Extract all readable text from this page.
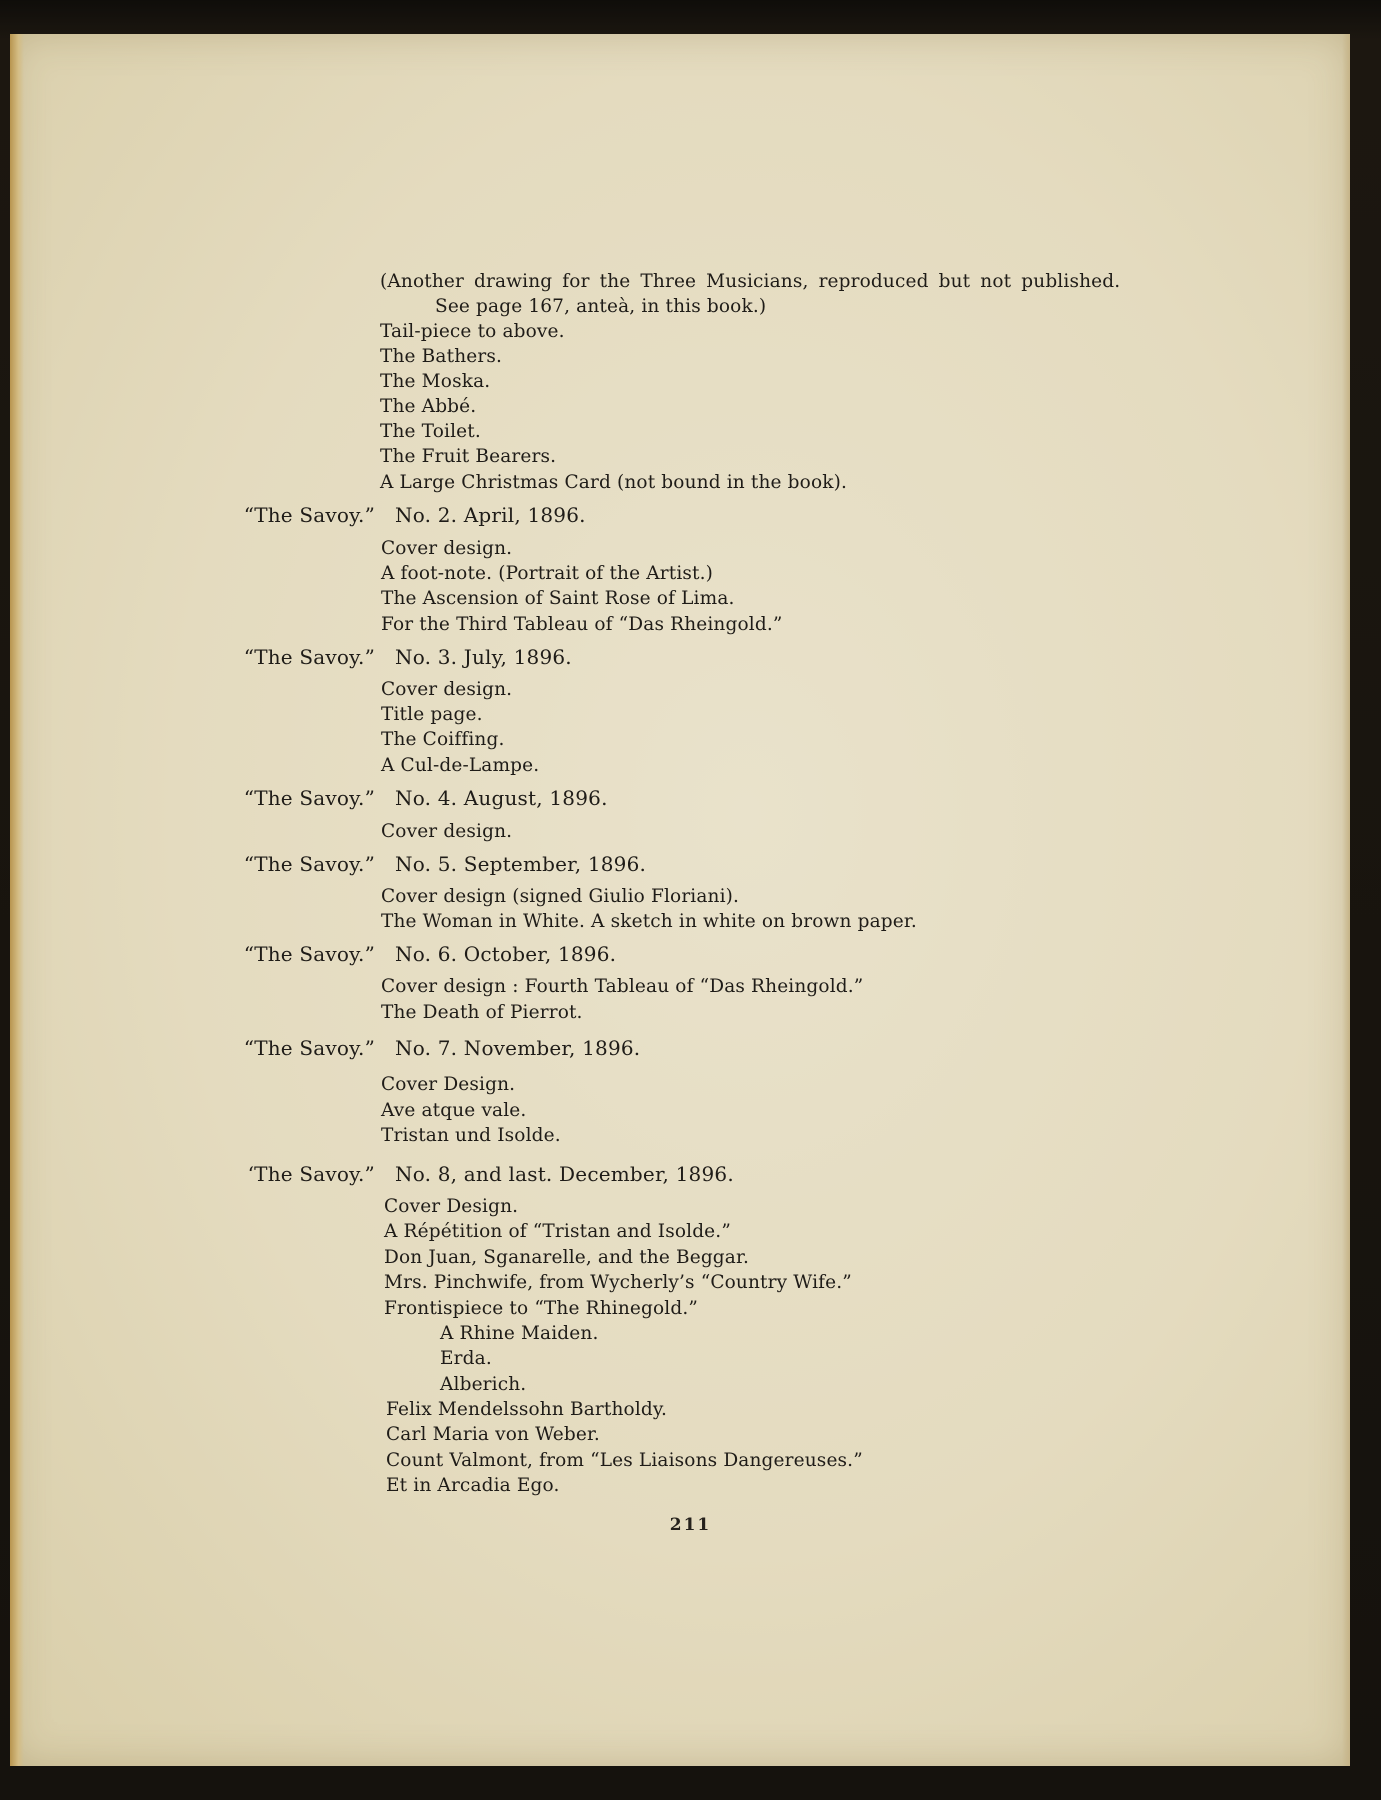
(Another drawing for the Three Musicians, reproduced but not published.
See page 167, anteà, in this book.)
Tail-piece to above.
The Bathers.
The Moska.
The Abbé.
The Toilet.
The Fruit Bearers.
A Large Christmas Card (not bound in the book).
“The Savoy.” No. 2. April, 1896.
Cover design.
A foot-note. (Portrait of the Artist.)
The Ascension of Saint Rose of Lima.
For the Third Tableau of “Das Rheingold.”
“The Savoy.” No. 3. July, 1896.
Cover design.
Title page.
The Coiffing.
A Cul-de-Lampe.
“The Savoy.” No. 4. August, 1896.
Cover design.
“The Savoy.” No. 5. September, 1896.
Cover design (signed Giulio Floriani).
The Woman in White. A sketch in white on brown paper.
“The Savoy.” No. 6. October, 1896.
Cover design : Fourth Tableau of “Das Rheingold.”
The Death of Pierrot.
“The Savoy.” No. 7. November, 1896.
Cover Design.
Ave atque vale.
Tristan und Isolde.
‘The Savoy.” No. 8, and last. December, 1896.
Cover Design.
A Répétition of “Tristan and Isolde.”
Don Juan, Sganarelle, and the Beggar.
Mrs. Pinchwife, from Wycherly’s “Country Wife.”
Frontispiece to “The Rhinegold.”
A Rhine Maiden.
Erda.
Alberich.
Felix Mendelssohn Bartholdy.
Carl Maria von Weber.
Count Valmont, from “Les Liaisons Dangereuses.”
Et in Arcadia Ego.
211
